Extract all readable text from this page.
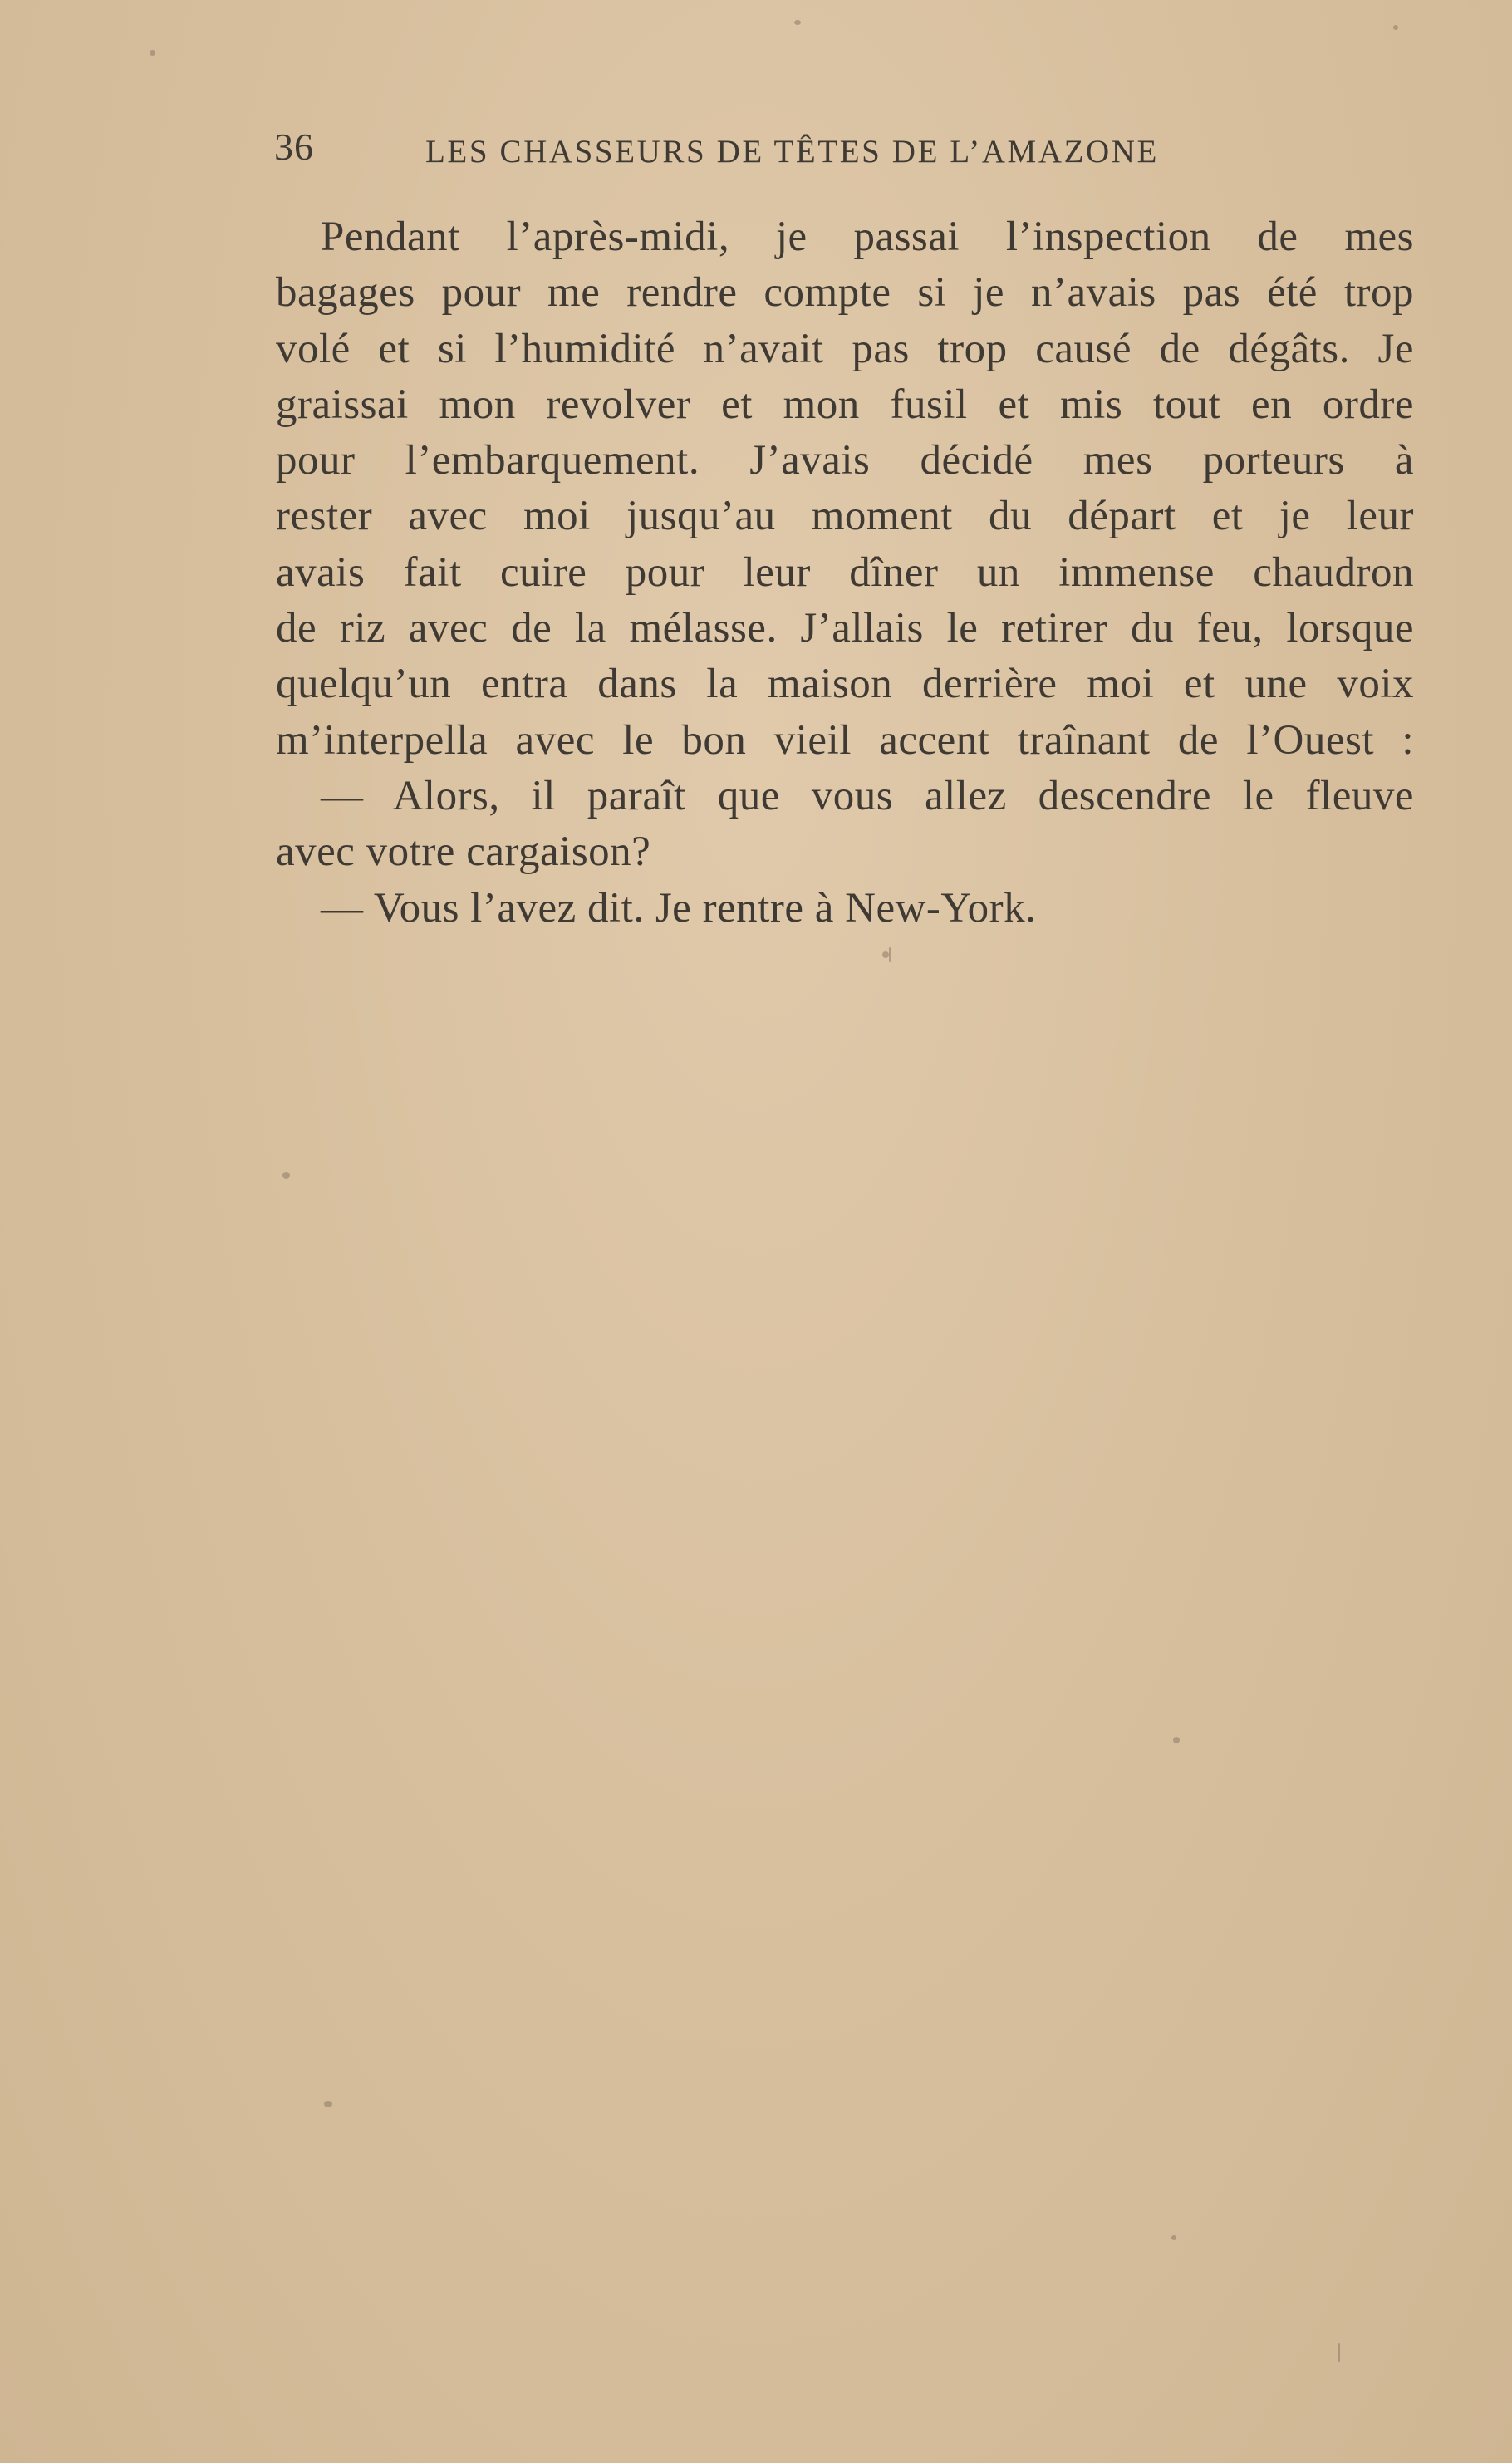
36	LES CHASSEURS DE TÊTES DE L’AMAZONE
Pendant l’après-midi, je passai l’inspection de mes
bagages pour me rendre compte si je n’avais pas été trop
volé et si l’humidité n’avait pas trop causé de dégâts. Je
graissai mon revolver et mon fusil et mis tout en ordre
pour l’embarquement. J’avais décidé mes porteurs à
rester avec moi jusqu’au moment du départ et je leur
avais fait cuire pour leur dîner un immense chaudron
de riz avec de la mélasse. J’allais le retirer du feu, lorsque
quelqu’un entra dans la maison derrière moi et une voix
m’interpella avec le bon vieil accent traînant de l’Ouest :
— Alors, il paraît que vous allez descendre le fleuve
avec votre cargaison?
— Vous l’avez dit. Je rentre à New-York.
